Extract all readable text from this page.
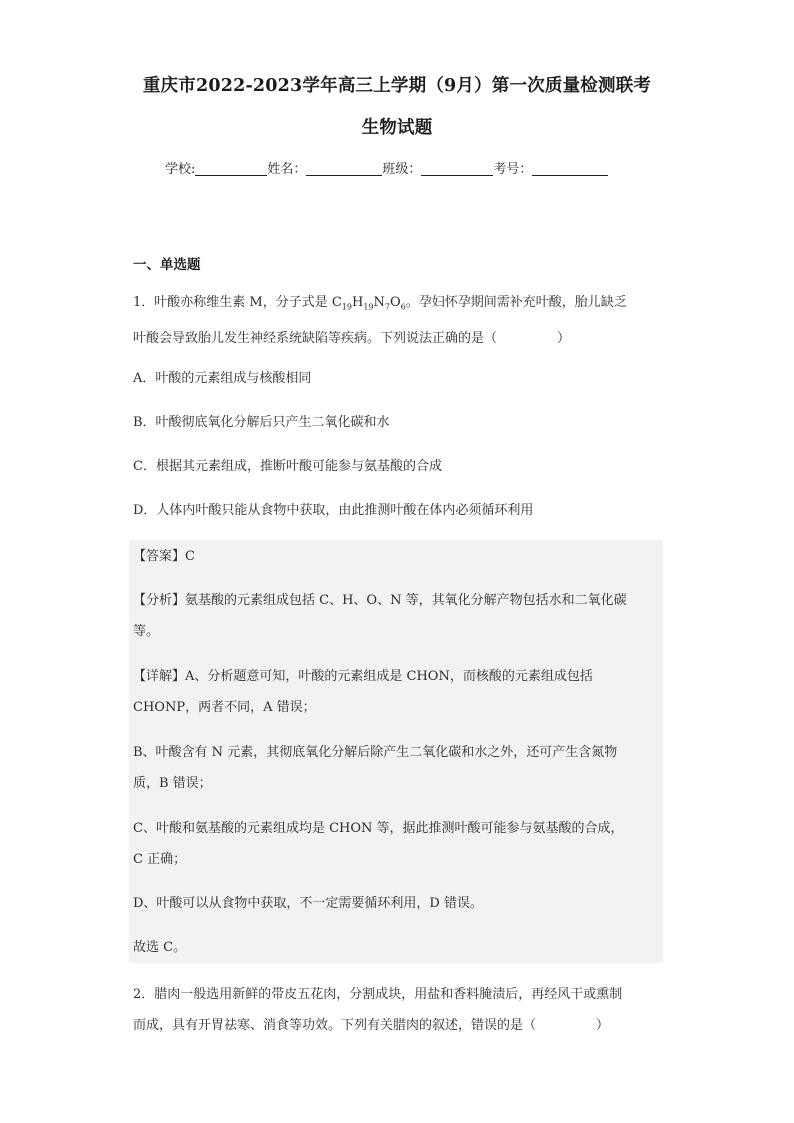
重庆市2022-2023学年高三上学期（9月）第一次质量检测联考
生物试题
学校:	姓名：	班级：	考号：
一、单选题
1．叶酸亦称维生素 M，分子式是 $C_{19}H_{19}N_7O_6$。孕妇怀孕期间需补充叶酸，胎儿缺乏
叶酸会导致胎儿发生神经系统缺陷等疾病。下列说法正确的是（	）
A．叶酸的元素组成与核酸相同
B．叶酸彻底氧化分解后只产生二氧化碳和水
C．根据其元素组成，推断叶酸可能参与氨基酸的合成
D．人体内叶酸只能从食物中获取，由此推测叶酸在体内必须循环利用
【答案】C
【分析】氨基酸的元素组成包括 C、H、O、N 等，其氧化分解产物包括水和二氧化碳
等。
【详解】A、分析题意可知，叶酸的元素组成是 CHON，而核酸的元素组成包括
CHONP，两者不同，A 错误；
B、叶酸含有 N 元素，其彻底氧化分解后除产生二氧化碳和水之外，还可产生含氮物
质，B 错误；
C、叶酸和氨基酸的元素组成均是 CHON 等，据此推测叶酸可能参与氨基酸的合成，
C 正确；
D、叶酸可以从食物中获取，不一定需要循环利用，D 错误。
故选 C。
2．腊肉一般选用新鲜的带皮五花肉，分割成块，用盐和香料腌渍后，再经风干或熏制
而成，具有开胃祛寒、消食等功效。下列有关腊肉的叙述，错误的是（	）
